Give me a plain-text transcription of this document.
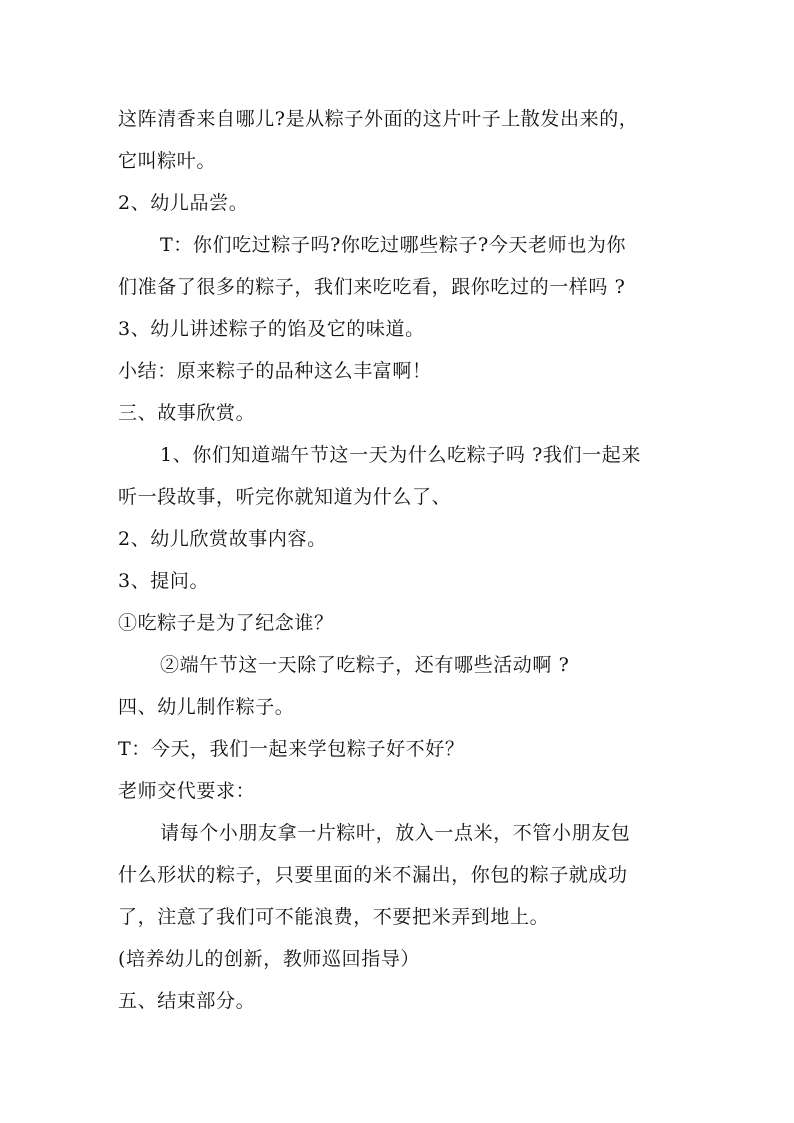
这阵清香来自哪儿?是从粽子外面的这片叶子上散发出来的，

它叫粽叶。

2、幼儿品尝。

T：你们吃过粽子吗?你吃过哪些粽子?今天老师也为你

们准备了很多的粽子，我们来吃吃看，跟你吃过的一样吗 ?

3、幼儿讲述粽子的馅及它的味道。

小结：原来粽子的品种这么丰富啊！

三、故事欣赏。

1、你们知道端午节这一天为什么吃粽子吗 ?我们一起来

听一段故事，听完你就知道为什么了、

2、幼儿欣赏故事内容。

3、提问。

①吃粽子是为了纪念谁？

②端午节这一天除了吃粽子，还有哪些活动啊 ?

四、幼儿制作粽子。

T：今天，我们一起来学包粽子好不好？

老师交代要求：

请每个小朋友拿一片粽叶，放入一点米，不管小朋友包

什么形状的粽子，只要里面的米不漏出，你包的粽子就成功

了，注意了我们可不能浪费，不要把米弄到地上。

(培养幼儿的创新，教师巡回指导）

五、结束部分。
